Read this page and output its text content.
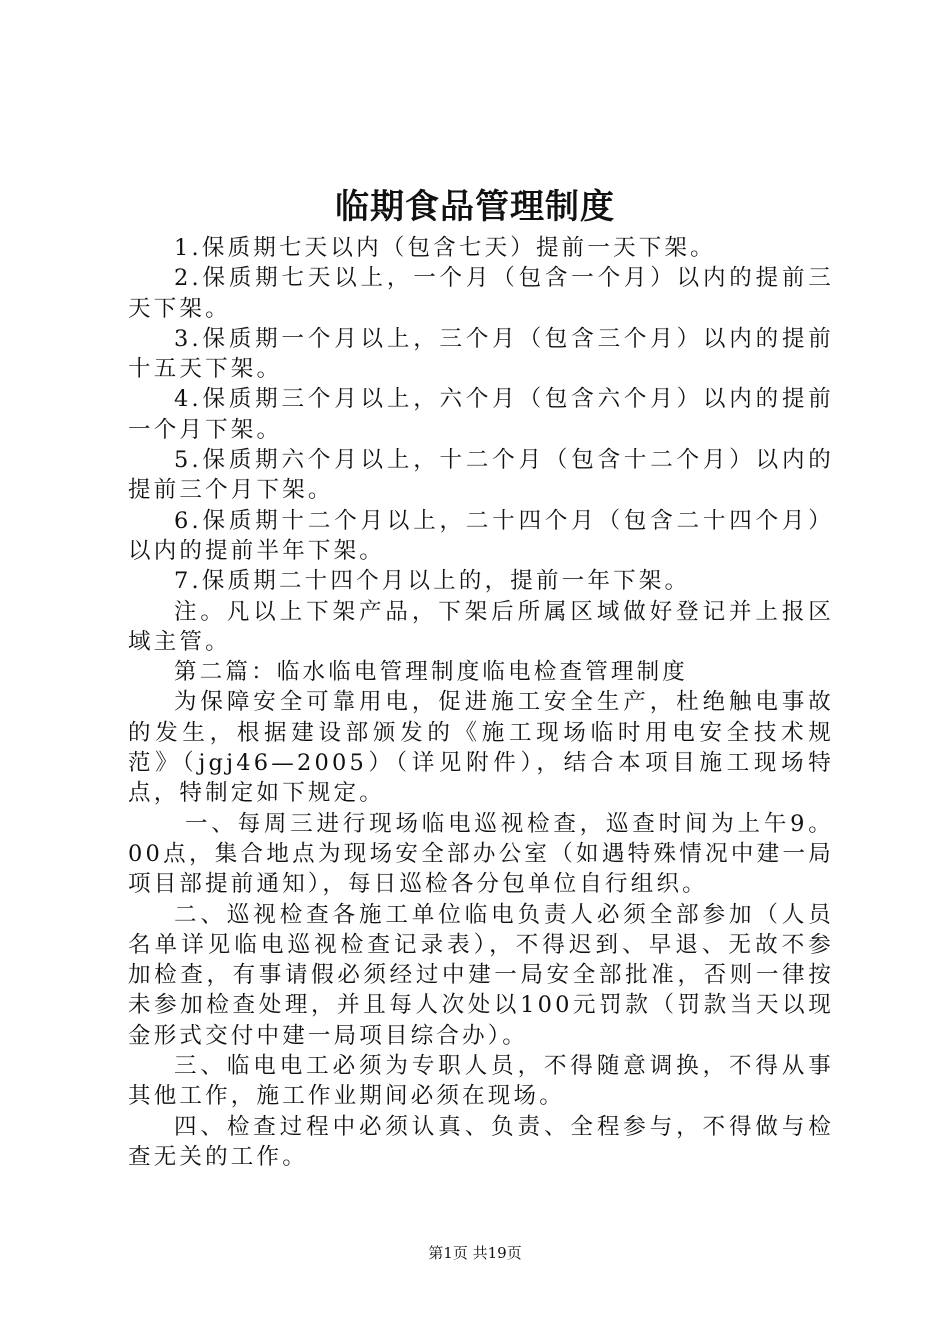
临期食品管理制度

1.保质期七天以内（包含七天）提前一天下架。

2.保质期七天以上，一个月（包含一个月）以内的提前三天下架。

3.保质期一个月以上，三个月（包含三个月）以内的提前十五天下架。

4.保质期三个月以上，六个月（包含六个月）以内的提前一个月下架。

5.保质期六个月以上，十二个月（包含十二个月）以内的提前三个月下架。

6.保质期十二个月以上，二十四个月（包含二十四个月）以内的提前半年下架。

7.保质期二十四个月以上的，提前一年下架。

注。凡以上下架产品，下架后所属区域做好登记并上报区域主管。

第二篇：临水临电管理制度临电检查管理制度

为保障安全可靠用电，促进施工安全生产，杜绝触电事故的发生，根据建设部颁发的《施工现场临时用电安全技术规范》（jgj46—2005）（详见附件），结合本项目施工现场特点，特制定如下规定。

一、每周三进行现场临电巡视检查，巡查时间为上午9。00点，集合地点为现场安全部办公室（如遇特殊情况中建一局项目部提前通知），每日巡检各分包单位自行组织。

二、巡视检查各施工单位临电负责人必须全部参加（人员名单详见临电巡视检查记录表），不得迟到、早退、无故不参加检查，有事请假必须经过中建一局安全部批准，否则一律按未参加检查处理，并且每人次处以100元罚款（罚款当天以现金形式交付中建一局项目综合办）。

三、临电电工必须为专职人员，不得随意调换，不得从事其他工作，施工作业期间必须在现场。

四、检查过程中必须认真、负责、全程参与，不得做与检查无关的工作。

第1页 共19页
